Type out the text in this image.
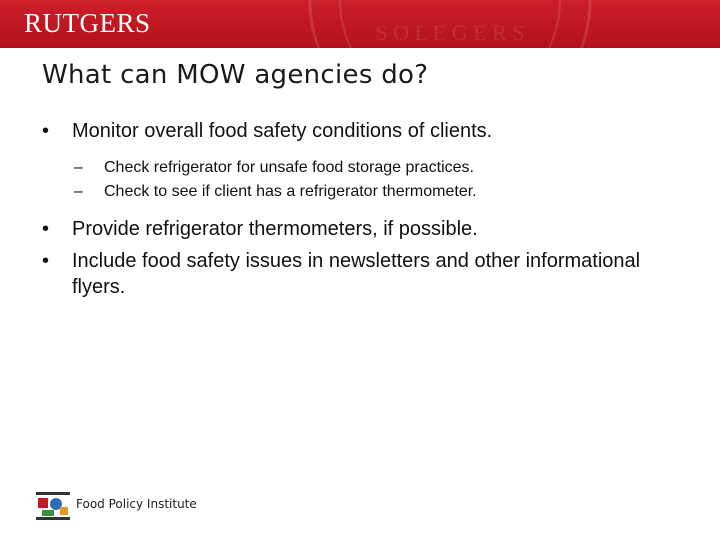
S O L E G E R S
RUTGERS
What can MOW agencies do?
• Monitor overall food safety conditions of clients.
– Check refrigerator for unsafe food storage practices.
– Check to see if client has a refrigerator thermometer.
• Provide refrigerator thermometers, if possible.
• Include food safety issues in newsletters and other informational flyers.
Food Policy Institute
